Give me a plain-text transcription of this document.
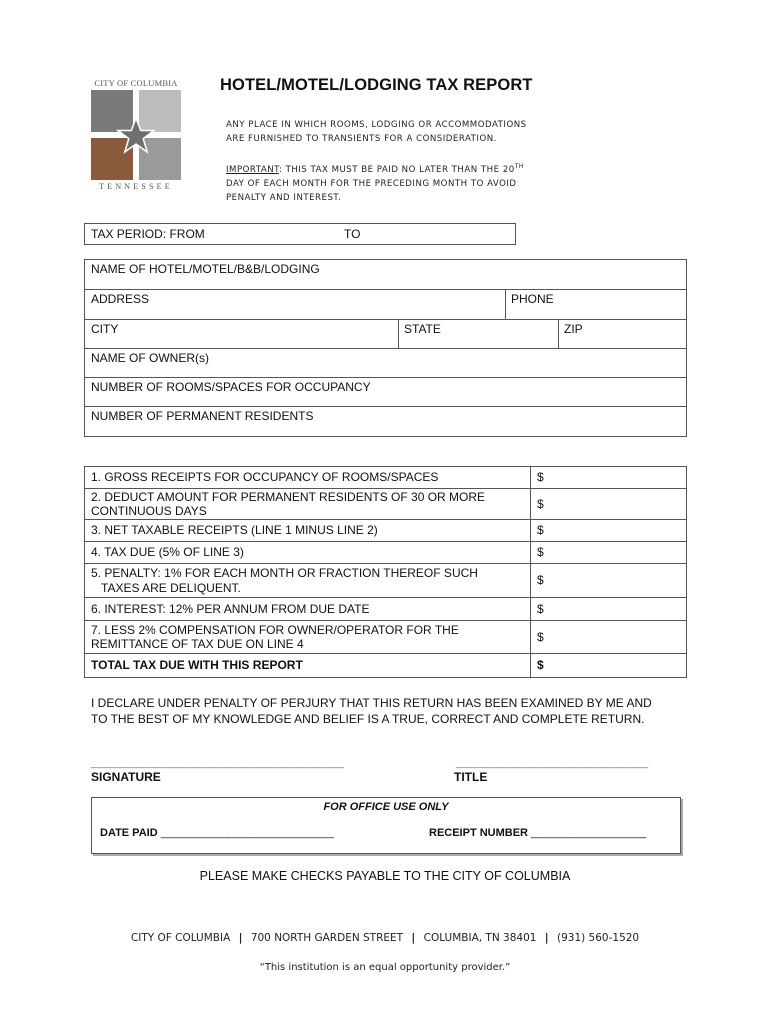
CITY OF COLUMBIA
TENNESSEE
HOTEL/MOTEL/LODGING TAX REPORT
ANY PLACE IN WHICH ROOMS, LODGING OR ACCOMMODATIONS
ARE FURNISHED TO TRANSIENTS FOR A CONSIDERATION.
IMPORTANT: THIS TAX MUST BE PAID NO LATER THAN THE 20TH
DAY OF EACH MONTH FOR THE PRECEDING MONTH TO AVOID
PENALTY AND INTEREST.
TAX PERIOD: FROM	TO
NAME OF HOTEL/MOTEL/B&B/LODGING
ADDRESS	PHONE
CITY	STATE	ZIP
NAME OF OWNER(s)
NUMBER OF ROOMS/SPACES FOR OCCUPANCY
NUMBER OF PERMANENT RESIDENTS
1. GROSS RECEIPTS FOR OCCUPANCY OF ROOMS/SPACES	$

2. DEDUCT AMOUNT FOR PERMANENT RESIDENTS OF 30 OR MORE
CONTINUOUS DAYS	$
3. NET TAXABLE RECEIPTS (LINE 1 MINUS LINE 2)	$
4. TAX DUE (5% OF LINE 3)	$

5. PENALTY: 1% FOR EACH MONTH OR FRACTION THEREOF SUCH
TAXES ARE DELIQUENT.	$
6. INTEREST: 12% PER ANNUM FROM DUE DATE	$

7. LESS 2% COMPENSATION FOR OWNER/OPERATOR FOR THE
REMITTANCE OF TAX DUE ON LINE 4	$
TOTAL TAX DUE WITH THIS REPORT	$
I DECLARE UNDER PENALTY OF PERJURY THAT THIS RETURN HAS BEEN EXAMINED BY ME AND TO THE BEST OF MY KNOWLEDGE AND BELIEF IS A TRUE, CORRECT AND COMPLETE RETURN.
______________________________________________
SIGNATURE
___________________________________
TITLE
FOR OFFICE USE ONLY
DATE PAID ___________________________	RECEIPT NUMBER __________________
PLEASE MAKE CHECKS PAYABLE TO THE CITY OF COLUMBIA
CITY OF COLUMBIA | 700 NORTH GARDEN STREET | COLUMBIA, TN 38401 | (931) 560-1520
“This institution is an equal opportunity provider.”
